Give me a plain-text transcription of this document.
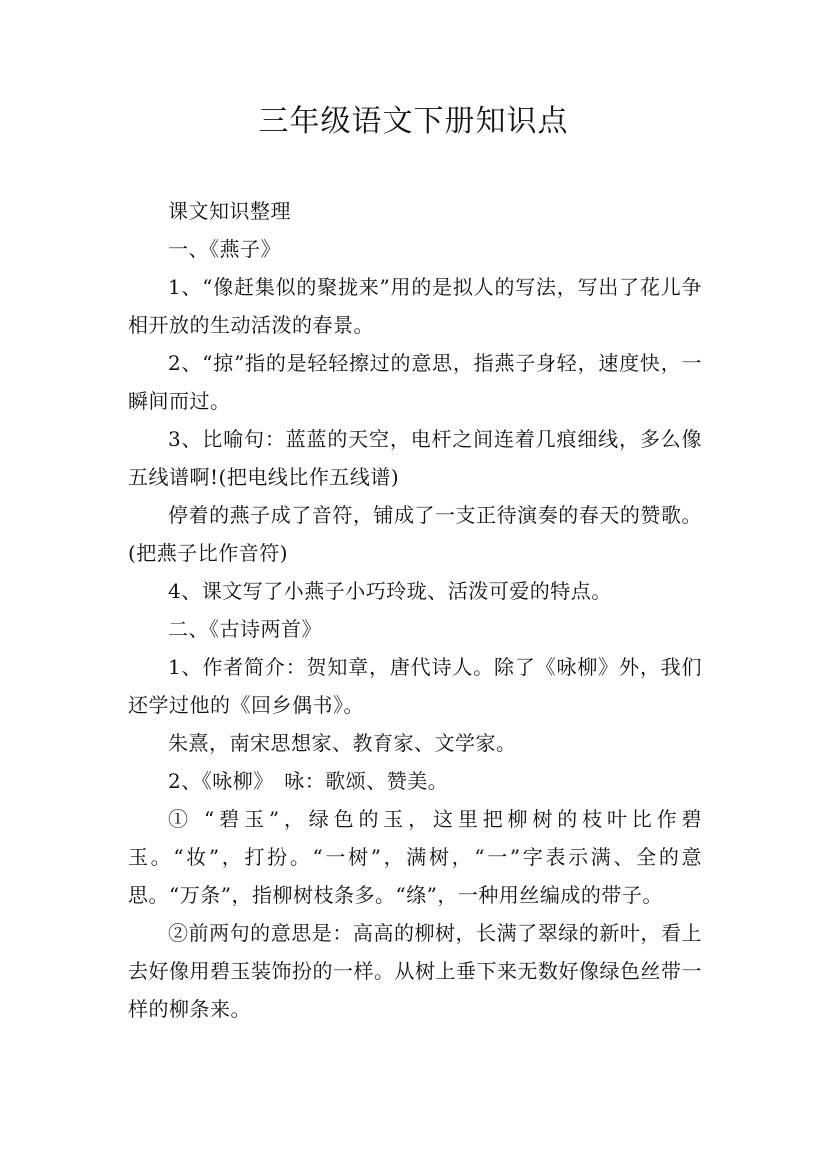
三年级语文下册知识点

课文知识整理

一、《燕子》

1、“像赶集似的聚拢来”用的是拟人的写法，写出了花儿争相开放的生动活泼的春景。

2、“掠”指的是轻轻擦过的意思，指燕子身轻，速度快，一瞬间而过。

3、比喻句：蓝蓝的天空，电杆之间连着几痕细线，多么像五线谱啊!(把电线比作五线谱)

停着的燕子成了音符，铺成了一支正待演奏的春天的赞歌。(把燕子比作音符)

4、课文写了小燕子小巧玲珑、活泼可爱的特点。

二、《古诗两首》

1、作者简介：贺知章，唐代诗人。除了《咏柳》外，我们还学过他的《回乡偶书》。

朱熹，南宋思想家、教育家、文学家。

2、《咏柳》　咏：歌颂、赞美。

① “碧玉”，绿色的玉，这里把柳树的枝叶比作碧玉。“妆”，打扮。“一树”，满树，“一”字表示满、全的意思。“万条”，指柳树枝条多。“绦”，一种用丝编成的带子。

②前两句的意思是：高高的柳树，长满了翠绿的新叶，看上去好像用碧玉装饰扮的一样。从树上垂下来无数好像绿色丝带一样的柳条来。
